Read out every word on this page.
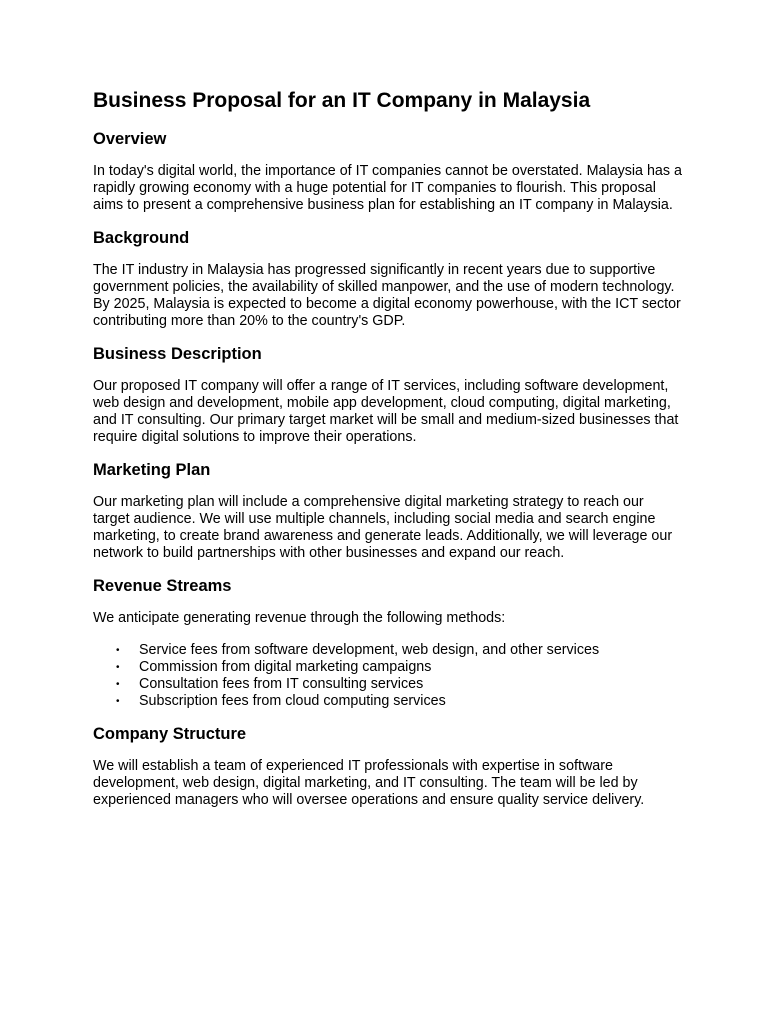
Business Proposal for an IT Company in Malaysia
Overview

In today's digital world, the importance of IT companies cannot be overstated. Malaysia has a rapidly growing economy with a huge potential for IT companies to flourish. This proposal aims to present a comprehensive business plan for establishing an IT company in Malaysia.

Background

The IT industry in Malaysia has progressed significantly in recent years due to supportive government policies, the availability of skilled manpower, and the use of modern technology. By 2025, Malaysia is expected to become a digital economy powerhouse, with the ICT sector contributing more than 20% to the country's GDP.

Business Description

Our proposed IT company will offer a range of IT services, including software development, web design and development, mobile app development, cloud computing, digital marketing, and IT consulting. Our primary target market will be small and medium-sized businesses that require digital solutions to improve their operations.

Marketing Plan

Our marketing plan will include a comprehensive digital marketing strategy to reach our target audience. We will use multiple channels, including social media and search engine marketing, to create brand awareness and generate leads. Additionally, we will leverage our network to build partnerships with other businesses and expand our reach.

Revenue Streams

We anticipate generating revenue through the following methods:

• Service fees from software development, web design, and other services
• Commission from digital marketing campaigns
• Consultation fees from IT consulting services
• Subscription fees from cloud computing services
Company Structure

We will establish a team of experienced IT professionals with expertise in software development, web design, digital marketing, and IT consulting. The team will be led by experienced managers who will oversee operations and ensure quality service delivery.
